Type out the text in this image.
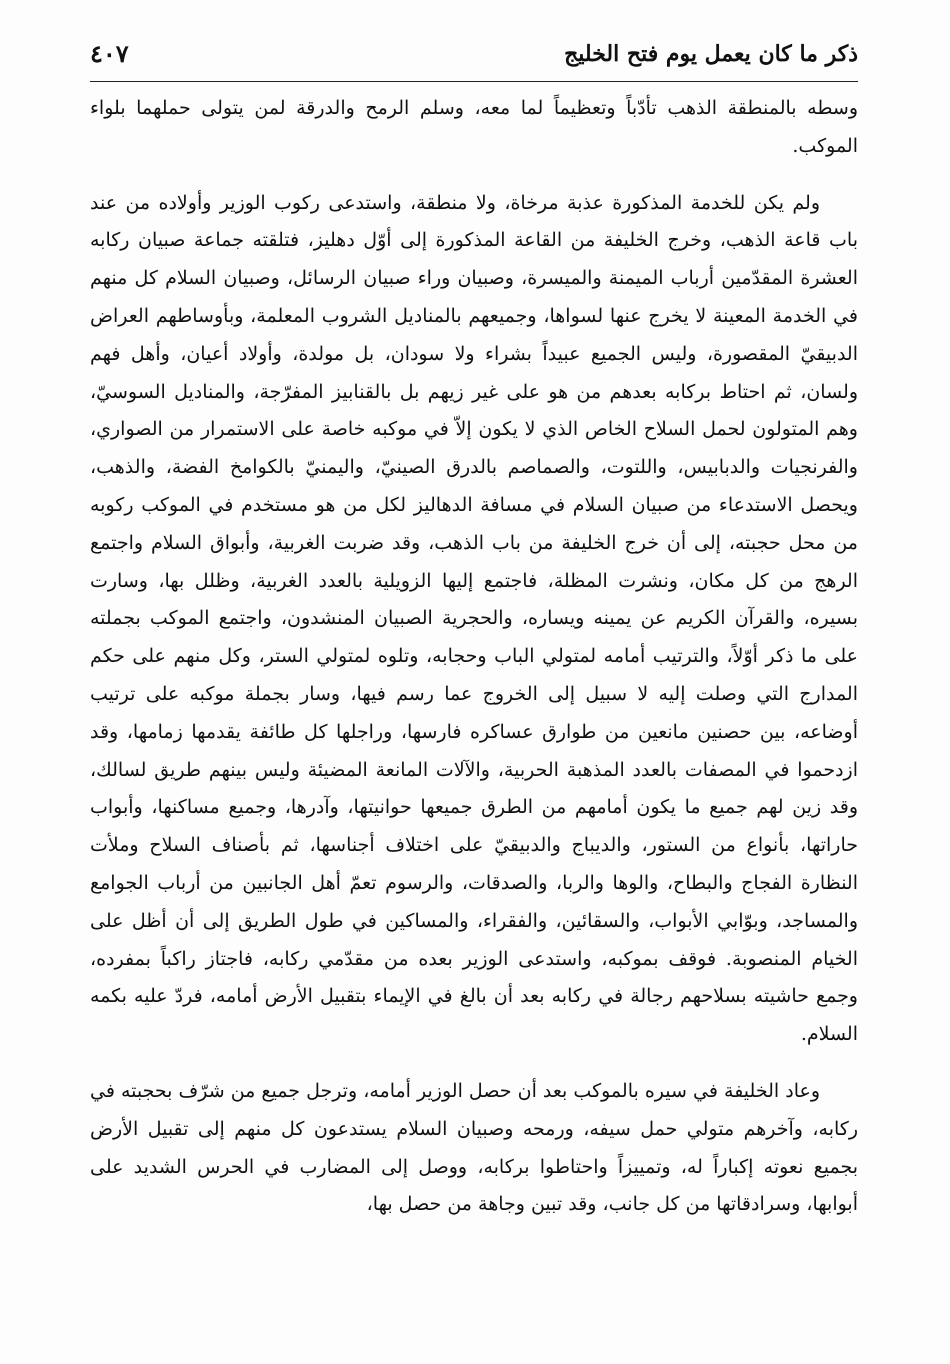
ذكر ما كان يعمل يوم فتح الخليج
٤٠٧

وسطه بالمنطقة الذهب تأدّباً وتعظيماً لما معه، وسلم الرمح والدرقة لمن يتولى حملهما بلواء الموكب.

ولم يكن للخدمة المذكورة عذبة مرخاة، ولا منطقة، واستدعى ركوب الوزير وأولاده من عند باب قاعة الذهب، وخرج الخليفة من القاعة المذكورة إلى أوّل دهليز، فتلقته جماعة صبيان ركابه العشرة المقدّمين أرباب الميمنة والميسرة، وصبيان وراء صبيان الرسائل، وصبيان السلام كل منهم في الخدمة المعينة لا يخرج عنها لسواها، وجميعهم بالمناديل الشروب المعلمة، وبأوساطهم العراض الدبيقيّ المقصورة، وليس الجميع عبيداً بشراء ولا سودان، بل مولدة، وأولاد أعيان، وأهل فهم ولسان، ثم احتاط بركابه بعدهم من هو على غير زيهم بل بالقنابيز المفرّجة، والمناديل السوسيّ، وهم المتولون لحمل السلاح الخاص الذي لا يكون إلاّ في موكبه خاصة على الاستمرار من الصواري، والفرنجيات والدبابيس، واللتوت، والصماصم بالدرق الصينيّ، واليمنيّ بالكوامخ الفضة، والذهب، ويحصل الاستدعاء من صبيان السلام في مسافة الدهاليز لكل من هو مستخدم في الموكب ركوبه من محل حجبته، إلى أن خرج الخليفة من باب الذهب، وقد ضربت الغربية، وأبواق السلام واجتمع الرهج من كل مكان، ونشرت المظلة، فاجتمع إليها الزويلية بالعدد الغربية، وظلل بها، وسارت بسيره، والقرآن الكريم عن يمينه ويساره، والحجرية الصبيان المنشدون، واجتمع الموكب بجملته على ما ذكر أوّلاً، والترتيب أمامه لمتولي الباب وحجابه، وتلوه لمتولي الستر، وكل منهم على حكم المدارج التي وصلت إليه لا سبيل إلى الخروج عما رسم فيها، وسار بجملة موكبه على ترتيب أوضاعه، بين حصنين مانعين من طوارق عساكره فارسها، وراجلها كل طائفة يقدمها زمامها، وقد ازدحموا في المصفات بالعدد المذهبة الحربية، والآلات المانعة المضيئة وليس بينهم طريق لسالك، وقد زين لهم جميع ما يكون أمامهم من الطرق جميعها حوانيتها، وآدرها، وجميع مساكنها، وأبواب حاراتها، بأنواع من الستور، والديباج والدبيقيّ على اختلاف أجناسها، ثم بأصناف السلاح وملأت النظارة الفجاج والبطاح، والوها والربا، والصدقات، والرسوم تعمّ أهل الجانبين من أرباب الجوامع والمساجد، وبوّابي الأبواب، والسقائين، والفقراء، والمساكين في طول الطريق إلى أن أظل على الخيام المنصوبة. فوقف بموكبه، واستدعى الوزير بعده من مقدّمي ركابه، فاجتاز راكباً بمفرده، وجمع حاشيته بسلاحهم رجالة في ركابه بعد أن بالغ في الإيماء بتقبيل الأرض أمامه، فردّ عليه بكمه السلام.

وعاد الخليفة في سيره بالموكب بعد أن حصل الوزير أمامه، وترجل جميع من شرّف بحجبته في ركابه، وآخرهم متولي حمل سيفه، ورمحه وصبيان السلام يستدعون كل منهم إلى تقبيل الأرض بجميع نعوته إكباراً له، وتمييزاً واحتاطوا بركابه، ووصل إلى المضارب في الحرس الشديد على أبوابها، وسرادقاتها من كل جانب، وقد تبين وجاهة من حصل بها،
